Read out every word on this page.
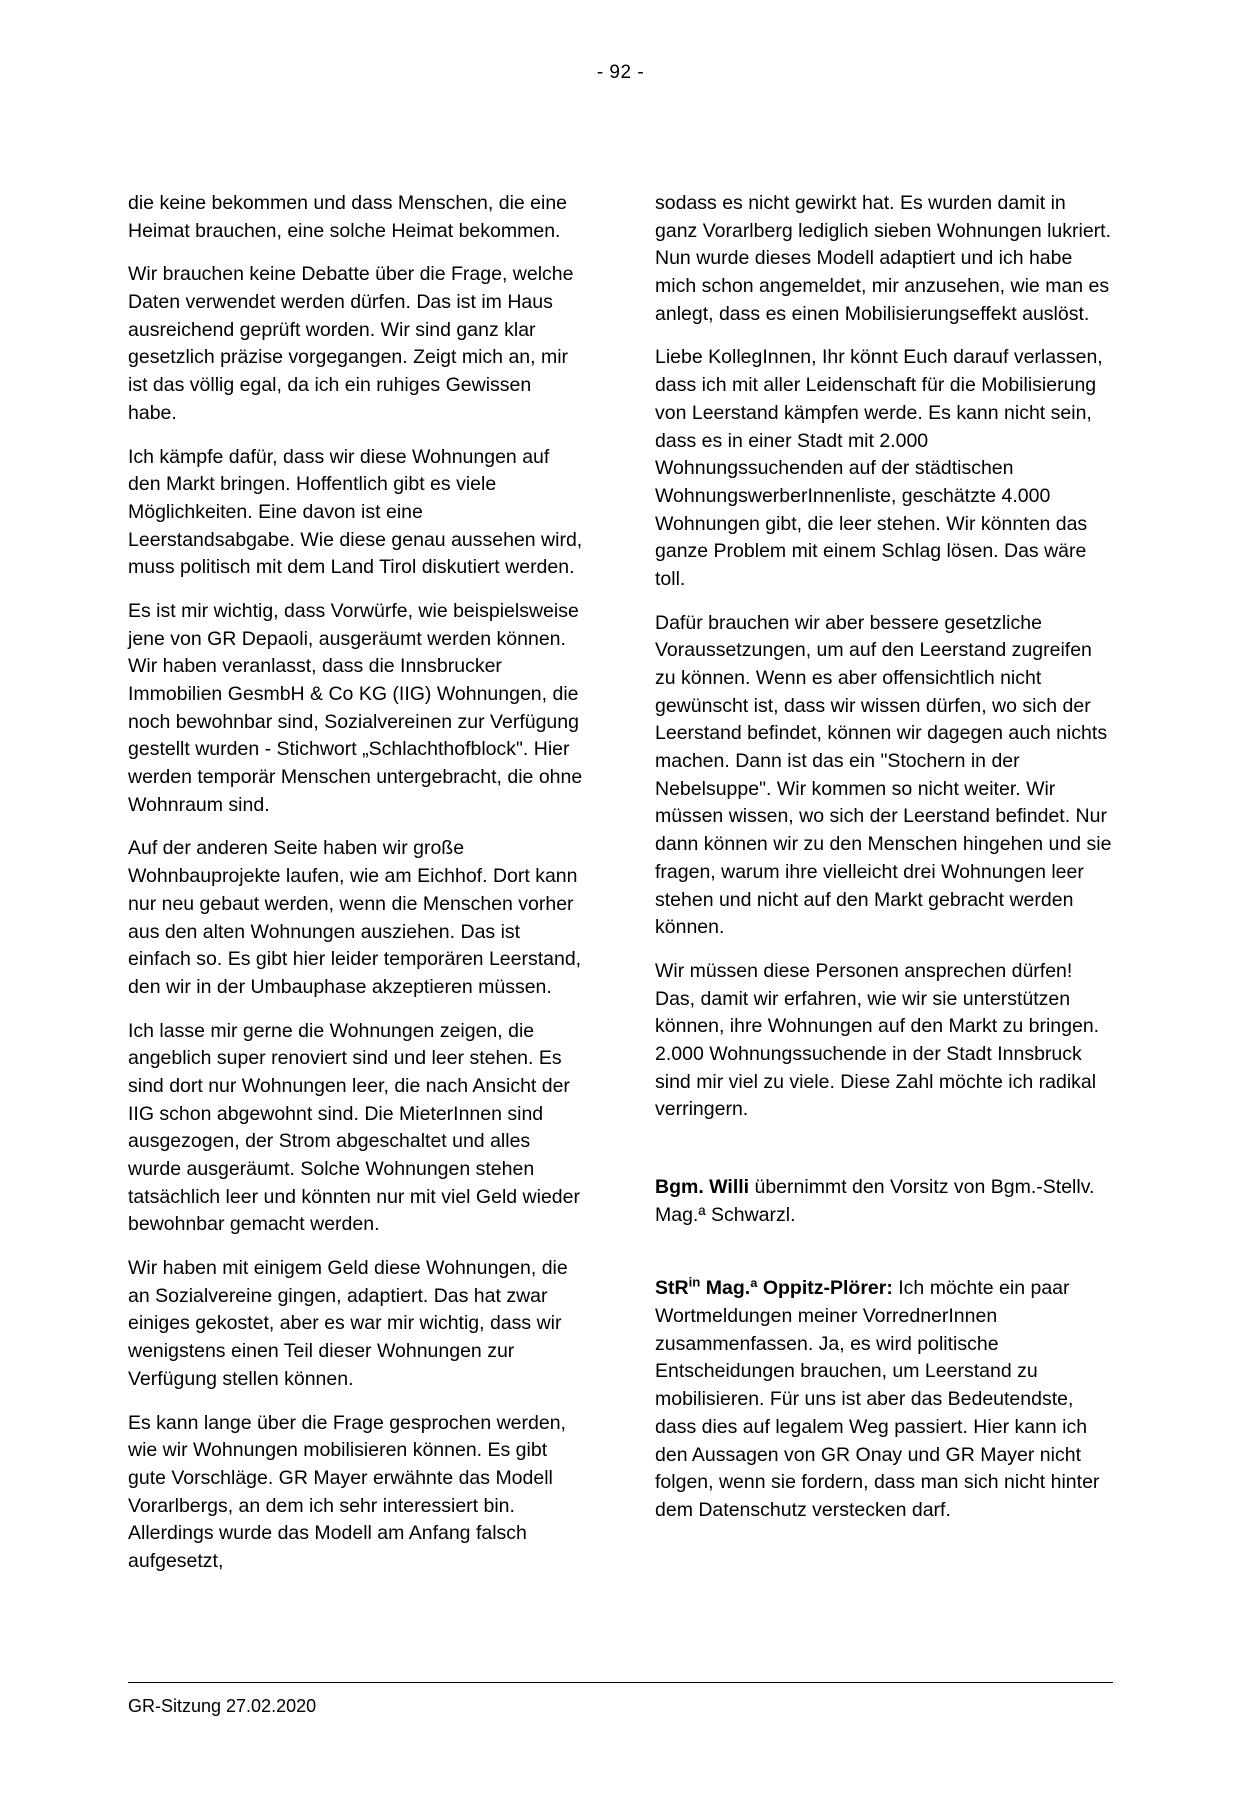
- 92 -

die keine bekommen und dass Menschen, die eine Heimat brauchen, eine solche Heimat bekommen.

Wir brauchen keine Debatte über die Frage, welche Daten verwendet werden dürfen. Das ist im Haus ausreichend geprüft worden. Wir sind ganz klar gesetzlich präzise vorgegangen. Zeigt mich an, mir ist das völlig egal, da ich ein ruhiges Gewissen habe.

Ich kämpfe dafür, dass wir diese Wohnungen auf den Markt bringen. Hoffentlich gibt es viele Möglichkeiten. Eine davon ist eine Leerstandsabgabe. Wie diese genau aussehen wird, muss politisch mit dem Land Tirol diskutiert werden.

Es ist mir wichtig, dass Vorwürfe, wie beispielsweise jene von GR Depaoli, ausgeräumt werden können. Wir haben veranlasst, dass die Innsbrucker Immobilien GesmbH & Co KG (IIG) Wohnungen, die noch bewohnbar sind, Sozialvereinen zur Verfügung gestellt wurden - Stichwort „Schlachthofblock". Hier werden temporär Menschen untergebracht, die ohne Wohnraum sind.

Auf der anderen Seite haben wir große Wohnbauprojekte laufen, wie am Eichhof. Dort kann nur neu gebaut werden, wenn die Menschen vorher aus den alten Wohnungen ausziehen. Das ist einfach so. Es gibt hier leider temporären Leerstand, den wir in der Umbauphase akzeptieren müssen.

Ich lasse mir gerne die Wohnungen zeigen, die angeblich super renoviert sind und leer stehen. Es sind dort nur Wohnungen leer, die nach Ansicht der IIG schon abgewohnt sind. Die MieterInnen sind ausgezogen, der Strom abgeschaltet und alles wurde ausgeräumt. Solche Wohnungen stehen tatsächlich leer und könnten nur mit viel Geld wieder bewohnbar gemacht werden.

Wir haben mit einigem Geld diese Wohnungen, die an Sozialvereine gingen, adaptiert. Das hat zwar einiges gekostet, aber es war mir wichtig, dass wir wenigstens einen Teil dieser Wohnungen zur Verfügung stellen können.

Es kann lange über die Frage gesprochen werden, wie wir Wohnungen mobilisieren können. Es gibt gute Vorschläge. GR Mayer erwähnte das Modell Vorarlbergs, an dem ich sehr interessiert bin. Allerdings wurde das Modell am Anfang falsch aufgesetzt,

sodass es nicht gewirkt hat. Es wurden damit in ganz Vorarlberg lediglich sieben Wohnungen lukriert. Nun wurde dieses Modell adaptiert und ich habe mich schon angemeldet, mir anzusehen, wie man es anlegt, dass es einen Mobilisierungseffekt auslöst.

Liebe KollegInnen, Ihr könnt Euch darauf verlassen, dass ich mit aller Leidenschaft für die Mobilisierung von Leerstand kämpfen werde. Es kann nicht sein, dass es in einer Stadt mit 2.000 Wohnungssuchenden auf der städtischen WohnungswerberInnenliste, geschätzte 4.000 Wohnungen gibt, die leer stehen. Wir könnten das ganze Problem mit einem Schlag lösen. Das wäre toll.

Dafür brauchen wir aber bessere gesetzliche Voraussetzungen, um auf den Leerstand zugreifen zu können. Wenn es aber offensichtlich nicht gewünscht ist, dass wir wissen dürfen, wo sich der Leerstand befindet, können wir dagegen auch nichts machen. Dann ist das ein "Stochern in der Nebelsuppe". Wir kommen so nicht weiter. Wir müssen wissen, wo sich der Leerstand befindet. Nur dann können wir zu den Menschen hingehen und sie fragen, warum ihre vielleicht drei Wohnungen leer stehen und nicht auf den Markt gebracht werden können.

Wir müssen diese Personen ansprechen dürfen! Das, damit wir erfahren, wie wir sie unterstützen können, ihre Wohnungen auf den Markt zu bringen. 2.000 Wohnungssuchende in der Stadt Innsbruck sind mir viel zu viele. Diese Zahl möchte ich radikal verringern.

Bgm. Willi übernimmt den Vorsitz von Bgm.-Stellv. Mag.ª Schwarzl.

StR$^{in}$ Mag.ª Oppitz-Plörer: Ich möchte ein paar Wortmeldungen meiner VorrednerInnen zusammenfassen. Ja, es wird politische Entscheidungen brauchen, um Leerstand zu mobilisieren. Für uns ist aber das Bedeutendste, dass dies auf legalem Weg passiert. Hier kann ich den Aussagen von GR Onay und GR Mayer nicht folgen, wenn sie fordern, dass man sich nicht hinter dem Datenschutz verstecken darf.

GR-Sitzung 27.02.2020
